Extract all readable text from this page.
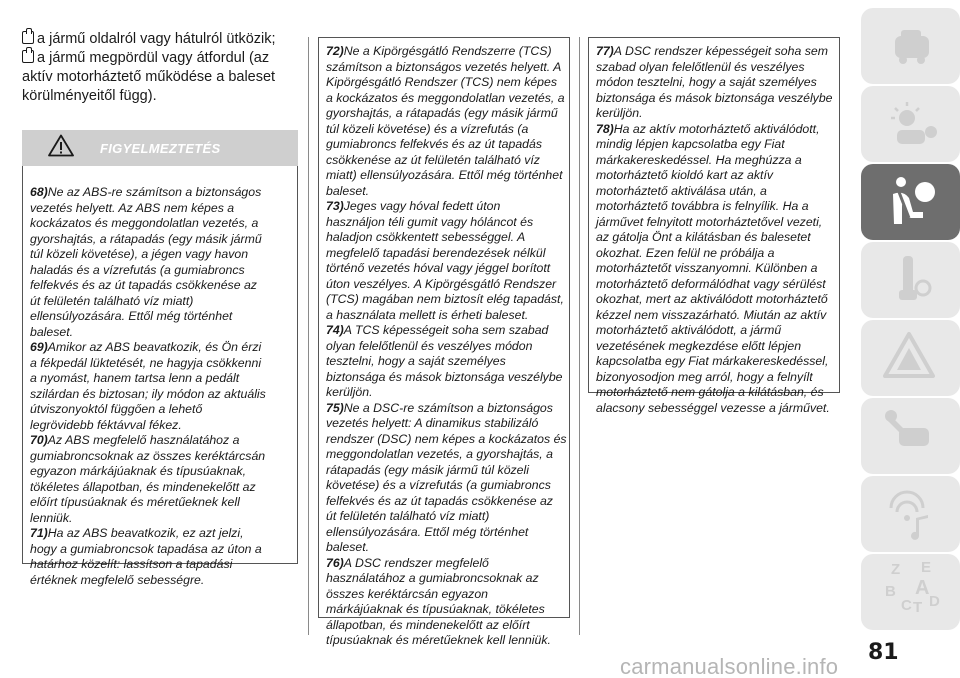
a jármű oldalról vagy hátulról ütközik;
a jármű megpördül vagy átfordul (az
aktív motorháztető működése a baleset
körülményeitől függ).
FIGYELMEZTETÉS
68)Ne az ABS-re számítson a biztonságos
vezetés helyett. Az ABS nem képes a
kockázatos és meggondolatlan vezetés, a
gyorshajtás, a rátapadás (egy másik jármű
túl közeli követése), a jégen vagy havon
haladás és a vízrefutás (a gumiabroncs
felfekvés és az út tapadás csökkenése az
út felületén található víz miatt)
ellensúlyozására. Ettől még történhet
baleset.
69)Amikor az ABS beavatkozik, és Ön érzi
a fékpedál lüktetését, ne hagyja csökkenni
a nyomást, hanem tartsa lenn a pedált
szilárdan és biztosan; ily módon az aktuális
útviszonyoktól függően a lehető
legrövidebb féktávval fékez.
70)Az ABS megfelelő használatához a
gumiabroncsoknak az összes keréktárcsán
egyazon márkájúaknak és típusúaknak,
tökéletes állapotban, és mindenekelőtt az
előírt típusúaknak és méretűeknek kell
lenniük.
71)Ha az ABS beavatkozik, ez azt jelzi,
hogy a gumiabroncsok tapadása az úton a
határhoz közelít: lassítson a tapadási
értéknek megfelelő sebességre.
72)Ne a Kipörgésgátló Rendszerre (TCS)
számítson a biztonságos vezetés helyett. A
Kipörgésgátló Rendszer (TCS) nem képes
a kockázatos és meggondolatlan vezetés, a
gyorshajtás, a rátapadás (egy másik jármű
túl közeli követése) és a vízrefutás (a
gumiabroncs felfekvés és az út tapadás
csökkenése az út felületén található víz
miatt) ellensúlyozására. Ettől még történhet
baleset.
73)Jeges vagy hóval fedett úton
használjon téli gumit vagy hóláncot és
haladjon csökkentett sebességgel. A
megfelelő tapadási berendezések nélkül
történő vezetés hóval vagy jéggel borított
úton veszélyes. A Kipörgésgátló Rendszer
(TCS) magában nem biztosít elég tapadást,
a használata mellett is érheti baleset.
74)A TCS képességeit soha sem szabad
olyan felelőtlenül és veszélyes módon
tesztelni, hogy a saját személyes
biztonsága és mások biztonsága veszélybe
kerüljön.
75)Ne a DSC-re számítson a biztonságos
vezetés helyett: A dinamikus stabilizáló
rendszer (DSC) nem képes a kockázatos és
meggondolatlan vezetés, a gyorshajtás, a
rátapadás (egy másik jármű túl közeli
követése) és a vízrefutás (a gumiabroncs
felfekvés és az út tapadás csökkenése az
út felületén található víz miatt)
ellensúlyozására. Ettől még történhet
baleset.
76)A DSC rendszer megfelelő
használatához a gumiabroncsoknak az
összes keréktárcsán egyazon
márkájúaknak és típusúaknak, tökéletes
állapotban, és mindenekelőtt az előírt
típusúaknak és méretűeknek kell lenniük.
77)A DSC rendszer képességeit soha sem
szabad olyan felelőtlenül és veszélyes
módon tesztelni, hogy a saját személyes
biztonsága és mások biztonsága veszélybe
kerüljön.
78)Ha az aktív motorháztető aktiválódott,
mindig lépjen kapcsolatba egy Fiat
márkakereskedéssel. Ha meghúzza a
motorháztető kioldó kart az aktív
motorháztető aktiválása után, a
motorháztető továbbra is felnyílik. Ha a
járművet felnyitott motorháztetővel vezeti,
az gátolja Önt a kilátásban és balesetet
okozhat. Ezen felül ne próbálja a
motorháztetőt visszanyomni. Különben a
motorháztető deformálódhat vagy sérülést
okozhat, mert az aktiválódott motorháztető
kézzel nem visszazárható. Miután az aktív
motorháztető aktiválódott, a jármű
vezetésének megkezdése előtt lépjen
kapcsolatba egy Fiat márkakereskedéssel,
bizonyosodjon meg arról, hogy a felnyílt
motorháztető nem gátolja a kilátásban, és
alacsony sebességgel vezesse a járművet.
Z E
B A
C T D
81
carmanualsonline.info
